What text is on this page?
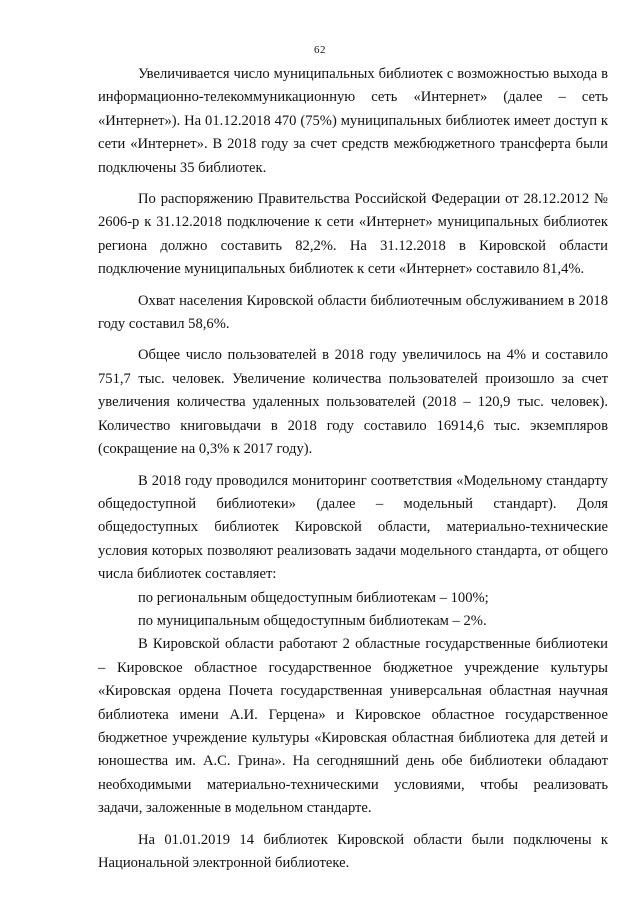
62

Увеличивается число муниципальных библиотек с возможностью выхода в информационно-телекоммуникационную сеть «Интернет» (далее – сеть «Интернет»). На 01.12.2018 470 (75%) муниципальных библиотек имеет доступ к сети «Интернет». В 2018 году за счет средств межбюджетного трансферта были подключены 35 библиотек.

По распоряжению Правительства Российской Федерации от 28.12.2012 № 2606-р к 31.12.2018 подключение к сети «Интернет» муниципальных библиотек региона должно составить 82,2%. На 31.12.2018 в Кировской области подключение муниципальных библиотек к сети «Интернет» составило 81,4%.

Охват населения Кировской области библиотечным обслуживанием в 2018 году составил 58,6%.

Общее число пользователей в 2018 году увеличилось на 4% и составило 751,7 тыс. человек. Увеличение количества пользователей произошло за счет увеличения количества удаленных пользователей (2018 – 120,9 тыс. человек). Количество книговыдачи в 2018 году составило 16914,6 тыс. экземпляров (сокращение на 0,3% к 2017 году).

В 2018 году проводился мониторинг соответствия «Модельному стандарту общедоступной библиотеки» (далее – модельный стандарт). Доля общедоступных библиотек Кировской области, материально-технические условия которых позволяют реализовать задачи модельного стандарта, от общего числа библиотек составляет:

по региональным общедоступным библиотекам – 100%;

по муниципальным общедоступным библиотекам – 2%.

В Кировской области работают 2 областные государственные библиотеки – Кировское областное государственное бюджетное учреждение культуры «Кировская ордена Почета государственная универсальная областная научная библиотека имени А.И. Герцена» и Кировское областное государственное бюджетное учреждение культуры «Кировская областная библиотека для детей и юношества им. А.С. Грина». На сегодняшний день обе библиотеки обладают необходимыми материально-техническими условиями, чтобы реализовать задачи, заложенные в модельном стандарте.

На 01.01.2019 14 библиотек Кировской области были подключены к Национальной электронной библиотеке.
